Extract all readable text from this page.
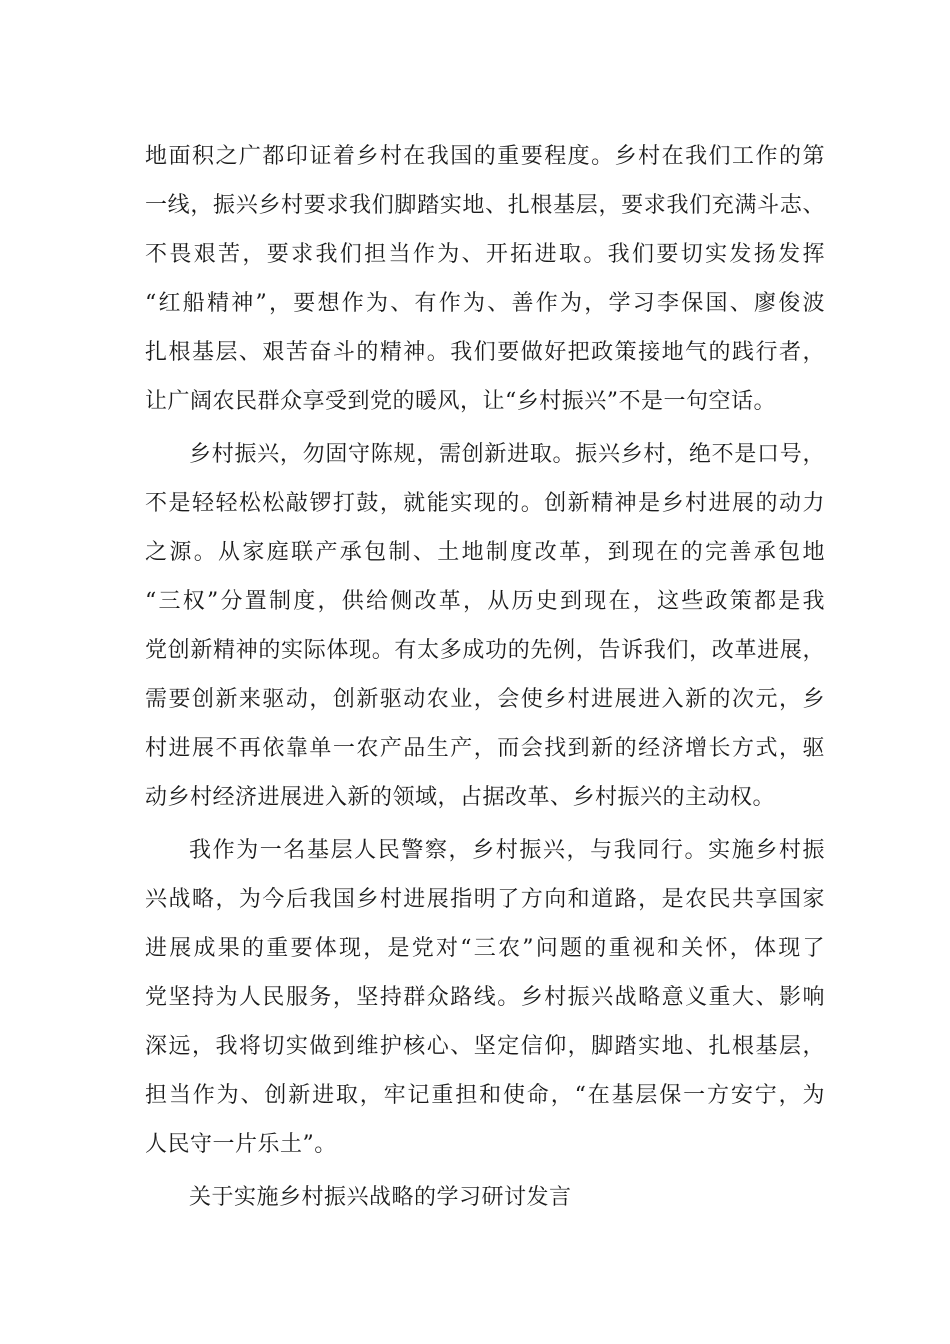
地面积之广都印证着乡村在我国的重要程度。乡村在我们工作的第
一线，振兴乡村要求我们脚踏实地、扎根基层，要求我们充满斗志、
不畏艰苦，要求我们担当作为、开拓进取。我们要切实发扬发挥
“红船精神”，要想作为、有作为、善作为，学习李保国、廖俊波
扎根基层、艰苦奋斗的精神。我们要做好把政策接地气的践行者，
让广阔农民群众享受到党的暖风，让“乡村振兴”不是一句空话。
乡村振兴，勿固守陈规，需创新进取。振兴乡村，绝不是口号，
不是轻轻松松敲锣打鼓，就能实现的。创新精神是乡村进展的动力
之源。从家庭联产承包制、土地制度改革，到现在的完善承包地
“三权”分置制度，供给侧改革，从历史到现在，这些政策都是我
党创新精神的实际体现。有太多成功的先例，告诉我们，改革进展，
需要创新来驱动，创新驱动农业，会使乡村进展进入新的次元，乡
村进展不再依靠单一农产品生产，而会找到新的经济增长方式，驱
动乡村经济进展进入新的领域，占据改革、乡村振兴的主动权。
我作为一名基层人民警察，乡村振兴，与我同行。实施乡村振
兴战略，为今后我国乡村进展指明了方向和道路，是农民共享国家
进展成果的重要体现，是党对“三农”问题的重视和关怀，体现了
党坚持为人民服务，坚持群众路线。乡村振兴战略意义重大、影响
深远，我将切实做到维护核心、坚定信仰，脚踏实地、扎根基层，
担当作为、创新进取，牢记重担和使命，“在基层保一方安宁，为
人民守一片乐土”。
关于实施乡村振兴战略的学习研讨发言
